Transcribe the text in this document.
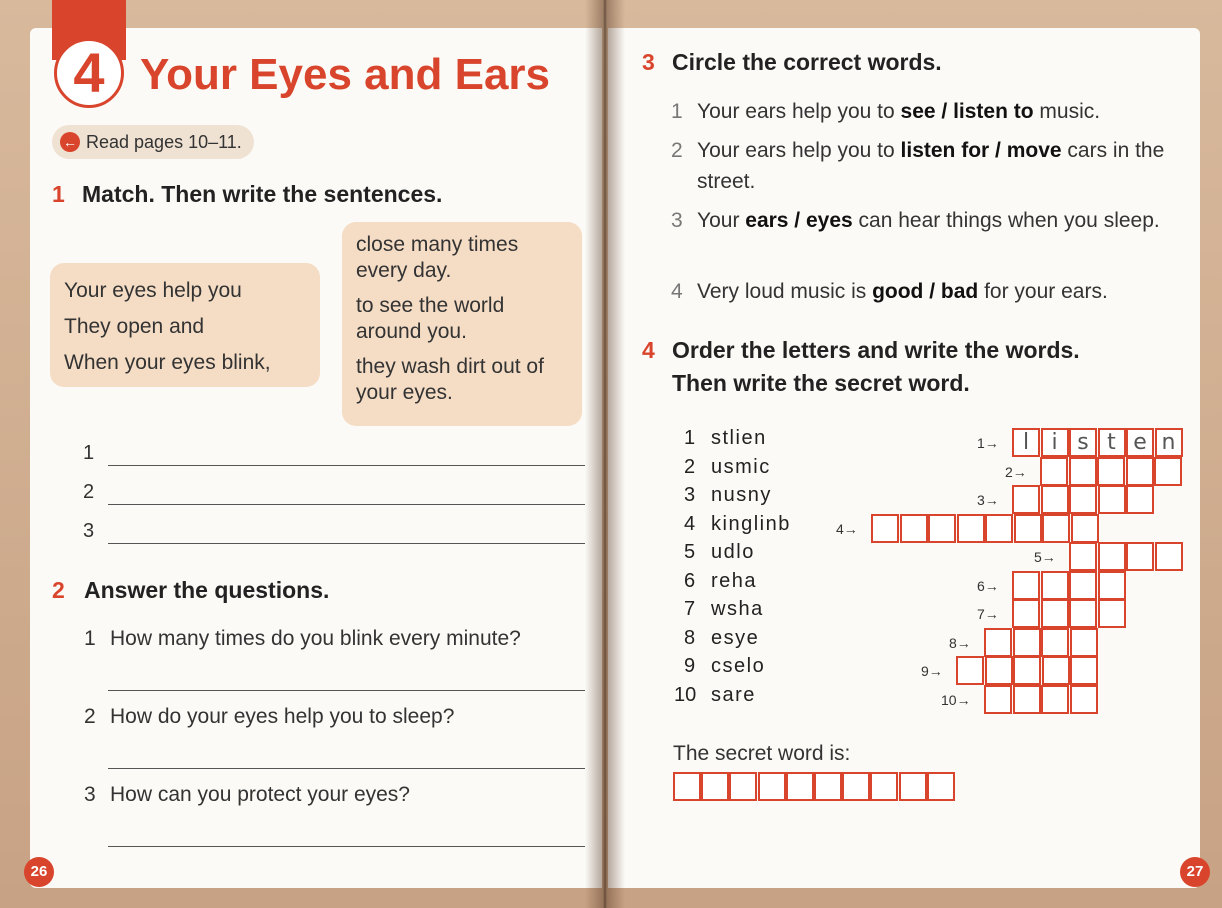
4 Your Eyes and Ears
← Read pages 10–11.
1 Match. Then write the sentences.

Your eyes help you

They open and

When your eyes blink,

close many times every day.

to see the world around you.

they wash dirt out of your eyes.

1
2
3
2 Answer the questions.
1 How many times do you blink every minute?
2 How do your eyes help you to sleep?
3 How can you protect your eyes?
26
3 Circle the correct words.
1 Your ears help you to see / listen to music.
2 Your ears help you to listen for / move cars in the street.
3 Your ears / eyes can hear things when you sleep.
4 Very loud music is good / bad for your ears.
4 Order the letters and write the words.
Then write the secret word.
1 stlien
2 usmic
3 nusny
4 kinglinb
5 udlo
6 reha
7 wsha
8 esye
9 cselo
10 sare
1→	l	i s t e n
2→
3→
4→
5→
6→
7→
8→
9→
10→
The secret word is:
27
